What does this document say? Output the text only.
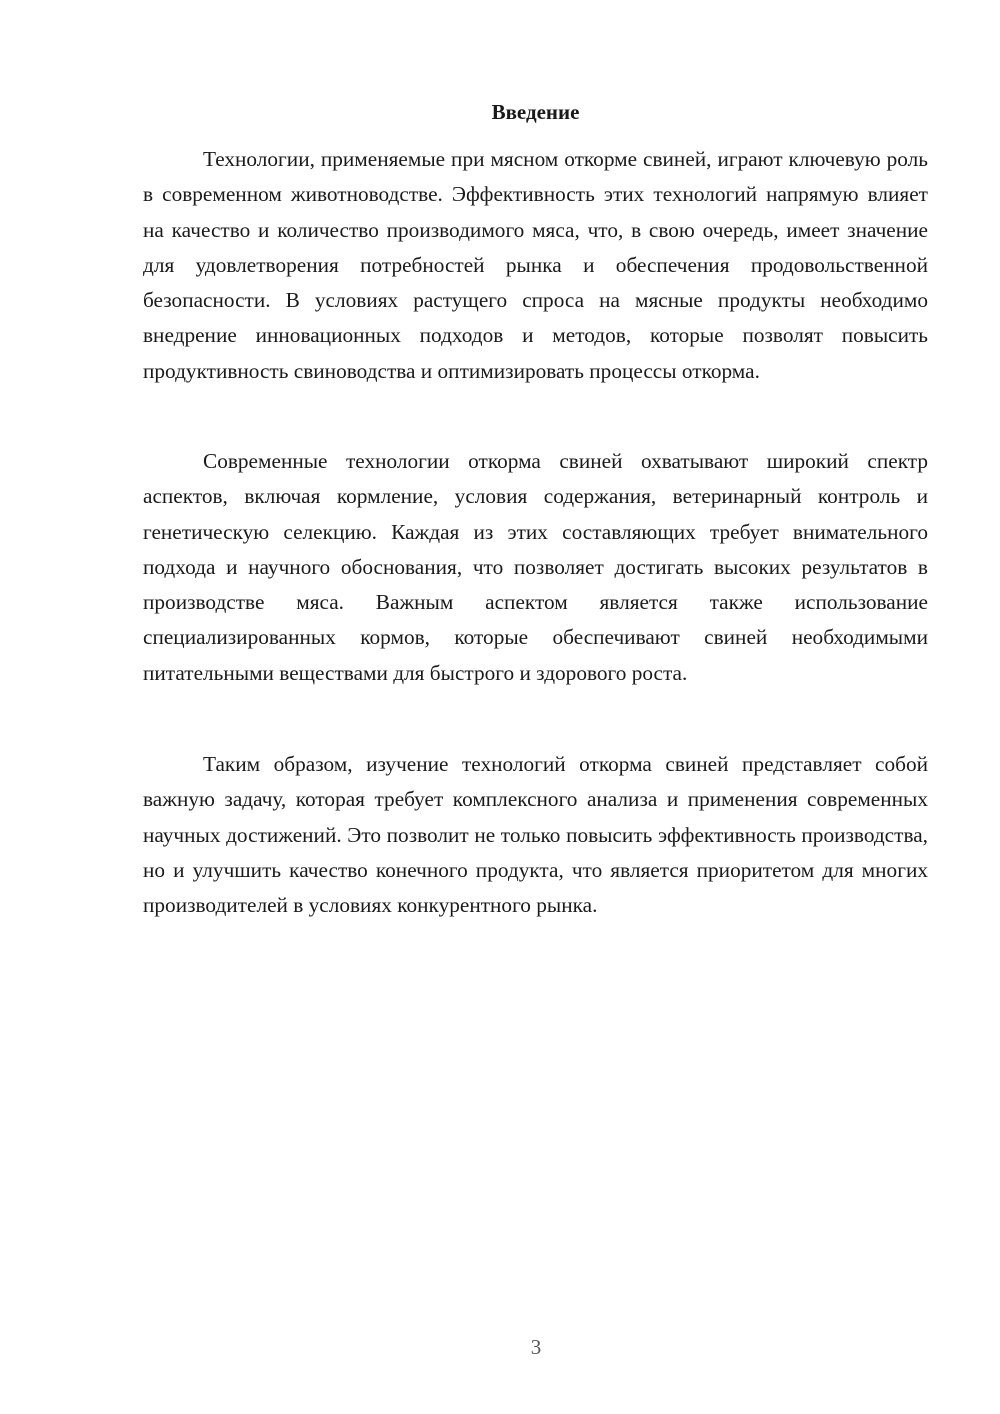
Введение

Технологии, применяемые при мясном откорме свиней, играют ключевую роль в современном животноводстве. Эффективность этих технологий напрямую влияет на качество и количество производимого мяса, что, в свою очередь, имеет значение для удовлетворения потребностей рынка и обеспечения продовольственной безопасности. В условиях растущего спроса на мясные продукты необходимо внедрение инновационных подходов и методов, которые позволят повысить продуктивность свиноводства и оптимизировать процессы откорма.

Современные технологии откорма свиней охватывают широкий спектр аспектов, включая кормление, условия содержания, ветеринарный контроль и генетическую селекцию. Каждая из этих составляющих требует внимательного подхода и научного обоснования, что позволяет достигать высоких результатов в производстве мяса. Важным аспектом является также использование специализированных кормов, которые обеспечивают свиней необходимыми питательными веществами для быстрого и здорового роста.

Таким образом, изучение технологий откорма свиней представляет собой важную задачу, которая требует комплексного анализа и применения современных научных достижений. Это позволит не только повысить эффективность производства, но и улучшить качество конечного продукта, что является приоритетом для многих производителей в условиях конкурентного рынка.

3
